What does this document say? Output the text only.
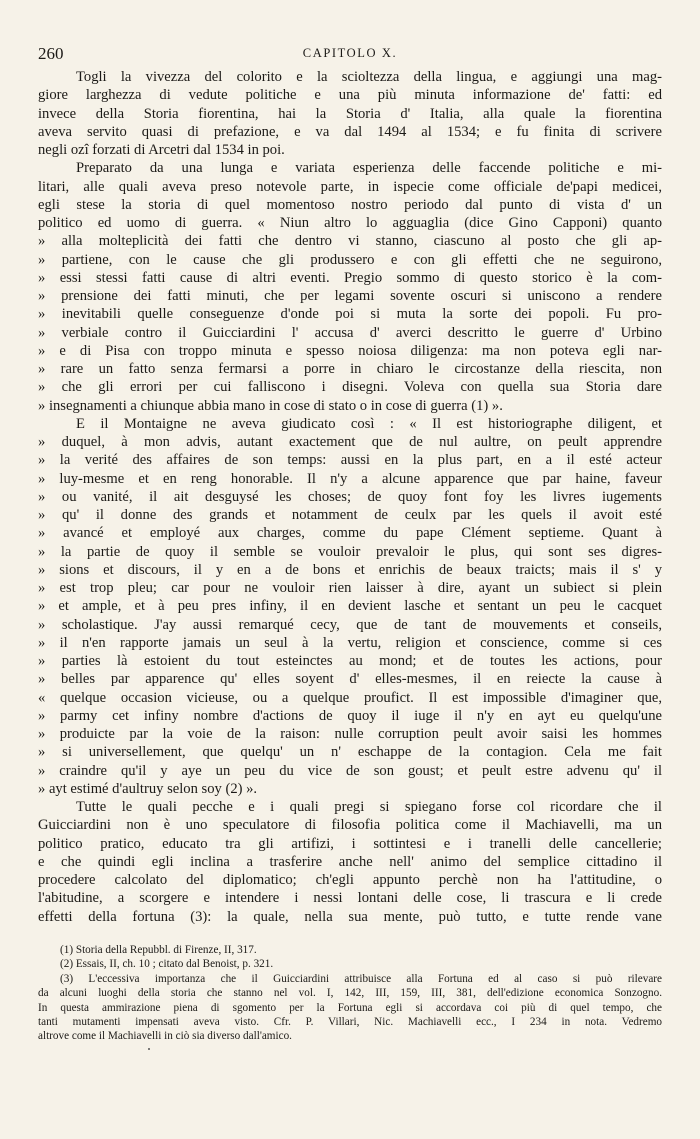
260	CAPITOLO X.
Togli la vivezza del colorito e la scioltezza della lingua, e aggiungi una mag-
giore larghezza di vedute politiche e una più minuta informazione de' fatti: ed
invece della Storia fiorentina, hai la Storia d' Italia, alla quale la fiorentina
aveva servito quasi di prefazione, e va dal 1494 al 1534; e fu finita di scrivere
negli ozî forzati di Arcetri dal 1534 in poi.
Preparato da una lunga e variata esperienza delle faccende politiche e mi-
litari, alle quali aveva preso notevole parte, in ispecie come officiale de'papi medicei,
egli stese la storia di quel momentoso nostro periodo dal punto di vista d' un
politico ed uomo di guerra. « Niun altro lo agguaglia (dice Gino Capponi) quanto
» alla molteplicità dei fatti che dentro vi stanno, ciascuno al posto che gli ap-
» partiene, con le cause che gli produssero e con gli effetti che ne seguirono,
» essi stessi fatti cause di altri eventi. Pregio sommo di questo storico è la com-
» prensione dei fatti minuti, che per legami sovente oscuri si uniscono a rendere
» inevitabili quelle conseguenze d'onde poi si muta la sorte dei popoli. Fu pro-
» verbiale contro il Guicciardini l' accusa d' averci descritto le guerre d' Urbino
» e di Pisa con troppo minuta e spesso noiosa diligenza: ma non poteva egli nar-
» rare un fatto senza fermarsi a porre in chiaro le circostanze della riescita, non
» che gli errori per cui falliscono i disegni. Voleva con quella sua Storia dare
» insegnamenti a chiunque abbia mano in cose di stato o in cose di guerra (1) ».
E il Montaigne ne aveva giudicato così : « Il est historiographe diligent, et
» duquel, à mon advis, autant exactement que de nul aultre, on peult apprendre
» la verité des affaires de son temps: aussi en la plus part, en a il esté acteur
» luy-mesme et en reng honorable. Il n'y a alcune apparence que par haine, faveur
» ou vanité, il ait desguysé les choses; de quoy font foy les livres iugements
» qu' il donne des grands et notamment de ceulx par les quels il avoit esté
» avancé et employé aux charges, comme du pape Clément septieme. Quant à
» la partie de quoy il semble se vouloir prevaloir le plus, qui sont ses digres-
» sions et discours, il y en a de bons et enrichis de beaux traicts; mais il s' y
» est trop pleu; car pour ne vouloir rien laisser à dire, ayant un subiect si plein
» et ample, et à peu pres infiny, il en devient lasche et sentant un peu le cacquet
» scholastique. J'ay aussi remarqué cecy, que de tant de mouvements et conseils,
» il n'en rapporte jamais un seul à la vertu, religion et conscience, comme si ces
» parties là estoient du tout esteinctes au mond; et de toutes les actions, pour
» belles par apparence qu' elles soyent d' elles-mesmes, il en reiecte la cause à
« quelque occasion vicieuse, ou a quelque proufict. Il est impossible d'imaginer que,
» parmy cet infiny nombre d'actions de quoy il iuge il n'y en ayt eu quelqu'une
» produicte par la voie de la raison: nulle corruption peult avoir saisi les hommes
» si universellement, que quelqu' un n' eschappe de la contagion. Cela me fait
» craindre qu'il y aye un peu du vice de son goust; et peult estre advenu qu' il
» ayt estimé d'aultruy selon soy (2) ».
Tutte le quali pecche e i quali pregi si spiegano forse col ricordare che il
Guicciardini non è uno speculatore di filosofia politica come il Machiavelli, ma un
politico pratico, educato tra gli artifizi, i sottintesi e i tranelli delle cancellerie;
e che quindi egli inclina a trasferire anche nell' animo del semplice cittadino il
procedere calcolato del diplomatico; ch'egli appunto perchè non ha l'attitudine, o
l'abitudine, a scorgere e intendere i nessi lontani delle cose, li trascura e li crede
effetti della fortuna (3): la quale, nella sua mente, può tutto, e tutte rende vane
(1) Storia della Repubbl. di Firenze, II, 317.
(2) Essais, II, ch. 10 ; citato dal Benoist, p. 321.
(3) L'eccessiva importanza che il Guicciardini attribuisce alla Fortuna ed al caso si può rilevare
da alcuni luoghi della storia che stanno nel vol. I, 142, III, 159, III, 381, dell'edizione economica Sonzogno.
In questa ammirazione piena di sgomento per la Fortuna egli si accordava coi più di quel tempo, che
tanti mutamenti impensati aveva visto. Cfr. P. Villari, Nic. Machiavelli ecc., I 234 in nota. Vedremo
altrove come il Machiavelli in ciò sia diverso dall'amico.
